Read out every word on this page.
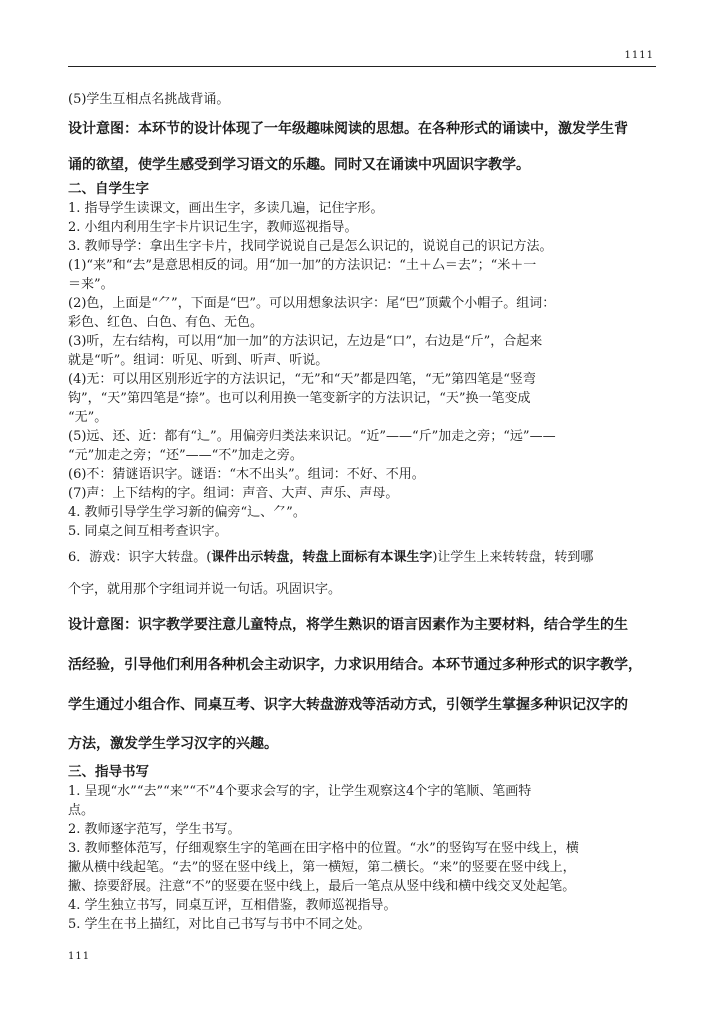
1111
(5)学生互相点名挑战背诵。
设计意图：本环节的设计体现了一年级趣味阅读的思想。在各种形式的诵读中，激发学生背
诵的欲望，使学生感受到学习语文的乐趣。同时又在诵读中巩固识字教学。
二、自学生字
1. 指导学生读课文，画出生字，多读几遍，记住字形。
2. 小组内利用生字卡片识记生字，教师巡视指导。
3. 教师导学：拿出生字卡片，找同学说说自己是怎么识记的，说说自己的识记方法。
(1)“来”和“去”是意思相反的词。用“加一加”的方法识记：“土＋厶＝去”；“米＋一
＝来”。
(2)色，上面是“⺈”，下面是“巴”。可以用想象法识字：尾“巴”顶戴个小帽子。组词：
彩色、红色、白色、有色、无色。
(3)听，左右结构，可以用“加一加”的方法识记，左边是“口”，右边是“斤”，合起来
就是“听”。组词：听见、听到、听声、听说。
(4)无：可以用区别形近字的方法识记，“无”和“天”都是四笔，“无”第四笔是“竖弯
钩”，“天”第四笔是“捺”。也可以利用换一笔变新字的方法识记，“天”换一笔变成
“无”。
(5)远、还、近：都有“辶”。用偏旁归类法来识记。“近”——“斤”加走之旁；“远”——
“元”加走之旁；“还”——“不”加走之旁。
(6)不：猜谜语识字。谜语：“木不出头”。组词：不好、不用。
(7)声：上下结构的字。组词：声音、大声、声乐、声母。
4. 教师引导学生学习新的偏旁“辶、⺈”。
5. 同桌之间互相考查识字。
6．游戏：识字大转盘。(课件出示转盘，转盘上面标有本课生字)让学生上来转转盘，转到哪
个字，就用那个字组词并说一句话。巩固识字。
设计意图：识字教学要注意儿童特点，将学生熟识的语言因素作为主要材料，结合学生的生
活经验，引导他们利用各种机会主动识字，力求识用结合。本环节通过多种形式的识字教学，
学生通过小组合作、同桌互考、识字大转盘游戏等活动方式，引领学生掌握多种识记汉字的
方法，激发学生学习汉字的兴趣。
三、指导书写
1. 呈现“水”“去”“来”“不”4个要求会写的字，让学生观察这4个字的笔顺、笔画特
点。
2. 教师逐字范写，学生书写。
3. 教师整体范写，仔细观察生字的笔画在田字格中的位置。“水”的竖钩写在竖中线上，横
撇从横中线起笔。“去”的竖在竖中线上，第一横短，第二横长。“来”的竖要在竖中线上，
撇、捺要舒展。注意“不”的竖要在竖中线上，最后一笔点从竖中线和横中线交叉处起笔。
4. 学生独立书写，同桌互评，互相借鉴，教师巡视指导。
5. 学生在书上描红，对比自己书写与书中不同之处。
111
